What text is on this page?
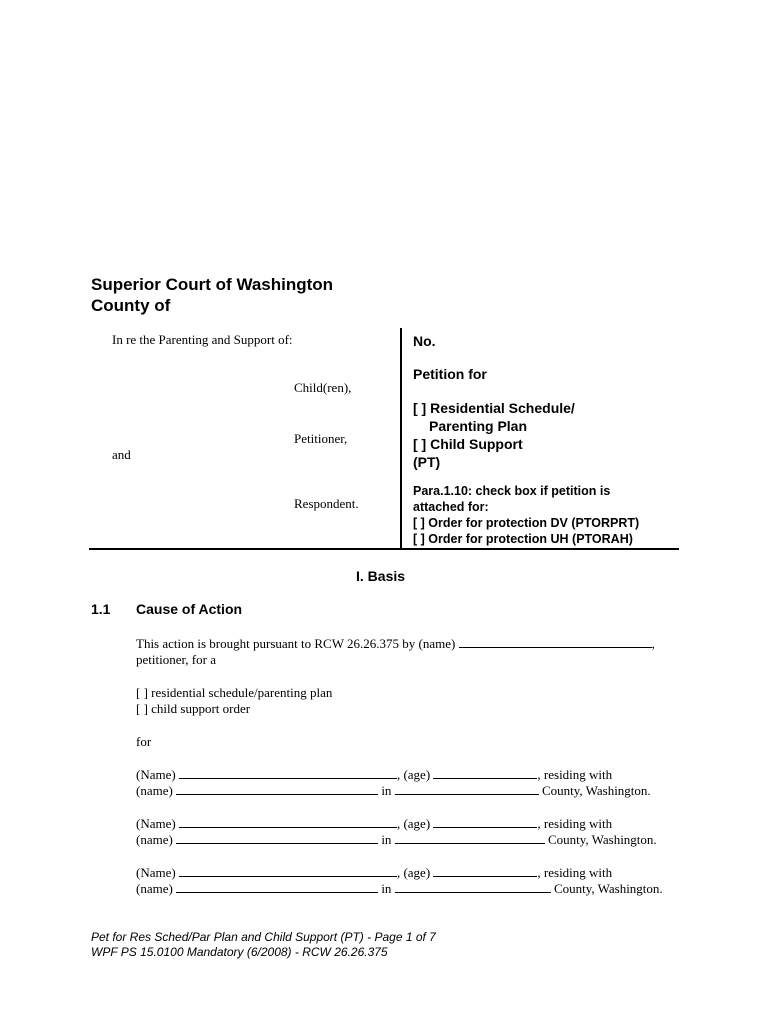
Superior Court of Washington
County of
In re the Parenting and Support of:
Child(ren),
Petitioner,
and
Respondent.
No.
Petition for
[ ] Residential Schedule/
Parenting Plan
[ ] Child Support
(PT)
Para.1.10: check box if petition is
attached for:
[ ] Order for protection DV (PTORPRT)
[ ] Order for protection UH (PTORAH)
I. Basis
1.1 Cause of Action
This action is brought pursuant to RCW 26.26.375 by (name)	,
petitioner, for a
[ ] residential schedule/parenting plan
[ ] child support order
for
(Name)	, (age)	, residing with
(name)	in	County, Washington.
(Name)	, (age)	, residing with
(name)	in	County, Washington.
(Name)	, (age)	, residing with
(name)	in	County, Washington.
Pet for Res Sched/Par Plan and Child Support (PT) - Page 1 of 7
WPF PS 15.0100 Mandatory (6/2008) - RCW 26.26.375
